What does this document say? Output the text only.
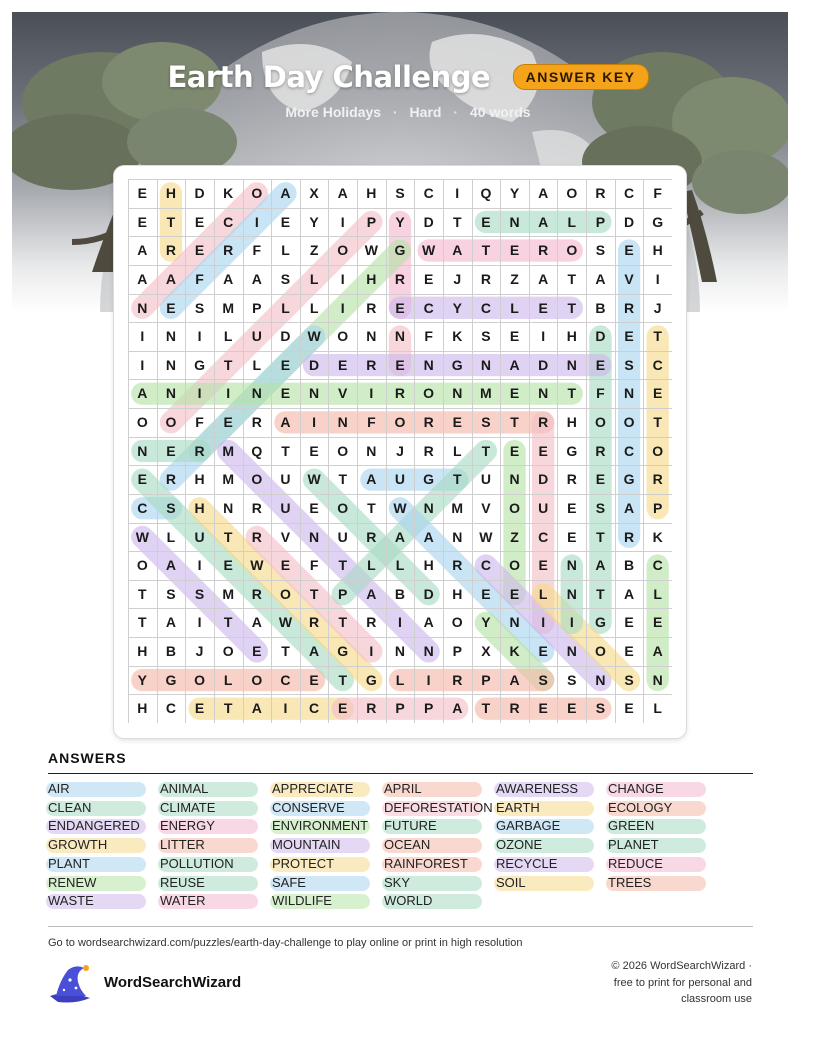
Earth Day Challenge	ANSWER KEY
More Holidays · Hard · 40 words
E	H	D	K	O	A	X	A	H	S	C	I	Q	Y	A	O	R	C	F
E	T	E	C	I	E	Y	I	P	Y	D	T	E	N	A	L	P	D	G
A	R	E	R	F	L	Z	O	W	G	W	A	T	E	R	O	S	E	H
A	A	F	A	A	S	L	I	H	R	E	J	R	Z	A	T	A	V	I
N	E	S	M	P	L	L	I	R	E	C	Y	C	L	E	T	B	R	J
I	N	I	L	U	D	W	O	N	N	F	K	S	E	I	H	D	E	T
I	N	G	T	L	E	D	E	R	E	N	G	N	A	D	N	E	S	C
A	N	I	I	N	E	N	V	I	R	O	N	M	E	N	T	F	N	E
O	O	F	E	R	A	I	N	F	O	R	E	S	T	R	H	O	O	T
N	E	R	M	Q	T	E	O	N	J	R	L	T	E	E	G	R	C	O
E	R	H	M	O	U	W	T	A	U	G	T	U	N	D	R	E	G	R
C	S	H	N	R	U	E	O	T	W	N	M	V	O	U	E	S	A	P
W	L	U	T	R	V	N	U	R	A	A	N	W	Z	C	E	T	R	K
O	A	I	E	W	E	F	T	L	L	H	R	C	O	E	N	A	B	C
T	S	S	M	R	O	T	P	A	B	D	H	E	E	L	N	T	A	L
T	A	I	T	A	W	R	T	R	I	A	O	Y	N	I	I	G	E	E
H	B	J	O	E	T	A	G	I	N	N	P	X	K	E	N	O	E	A
Y	G	O	L	O	C	E	T	G	L	I	R	P	A	S	S	N	S	N
H	C	E	T	A	I	C	E	R	P	P	A	T	R	E	E	S	E	L
ANSWERS
AIR
CLEAN
ENDANGERED
GROWTH
PLANT
RENEW
WASTE
ANIMAL
CLIMATE
ENERGY
LITTER
POLLUTION
REUSE
WATER
APPRECIATE
CONSERVE
ENVIRONMENT
MOUNTAIN
PROTECT
SAFE
WILDLIFE
APRIL
DEFORESTATION
FUTURE
OCEAN
RAINFOREST
SKY
WORLD
AWARENESS
EARTH
GARBAGE
OZONE
RECYCLE
SOIL
CHANGE
ECOLOGY
GREEN
PLANET
REDUCE
TREES
Go to wordsearchwizard.com/puzzles/earth-day-challenge to play online or print in high resolution
WordSearchWizard
© 2026 WordSearchWizard ·
free to print for personal and
classroom use
